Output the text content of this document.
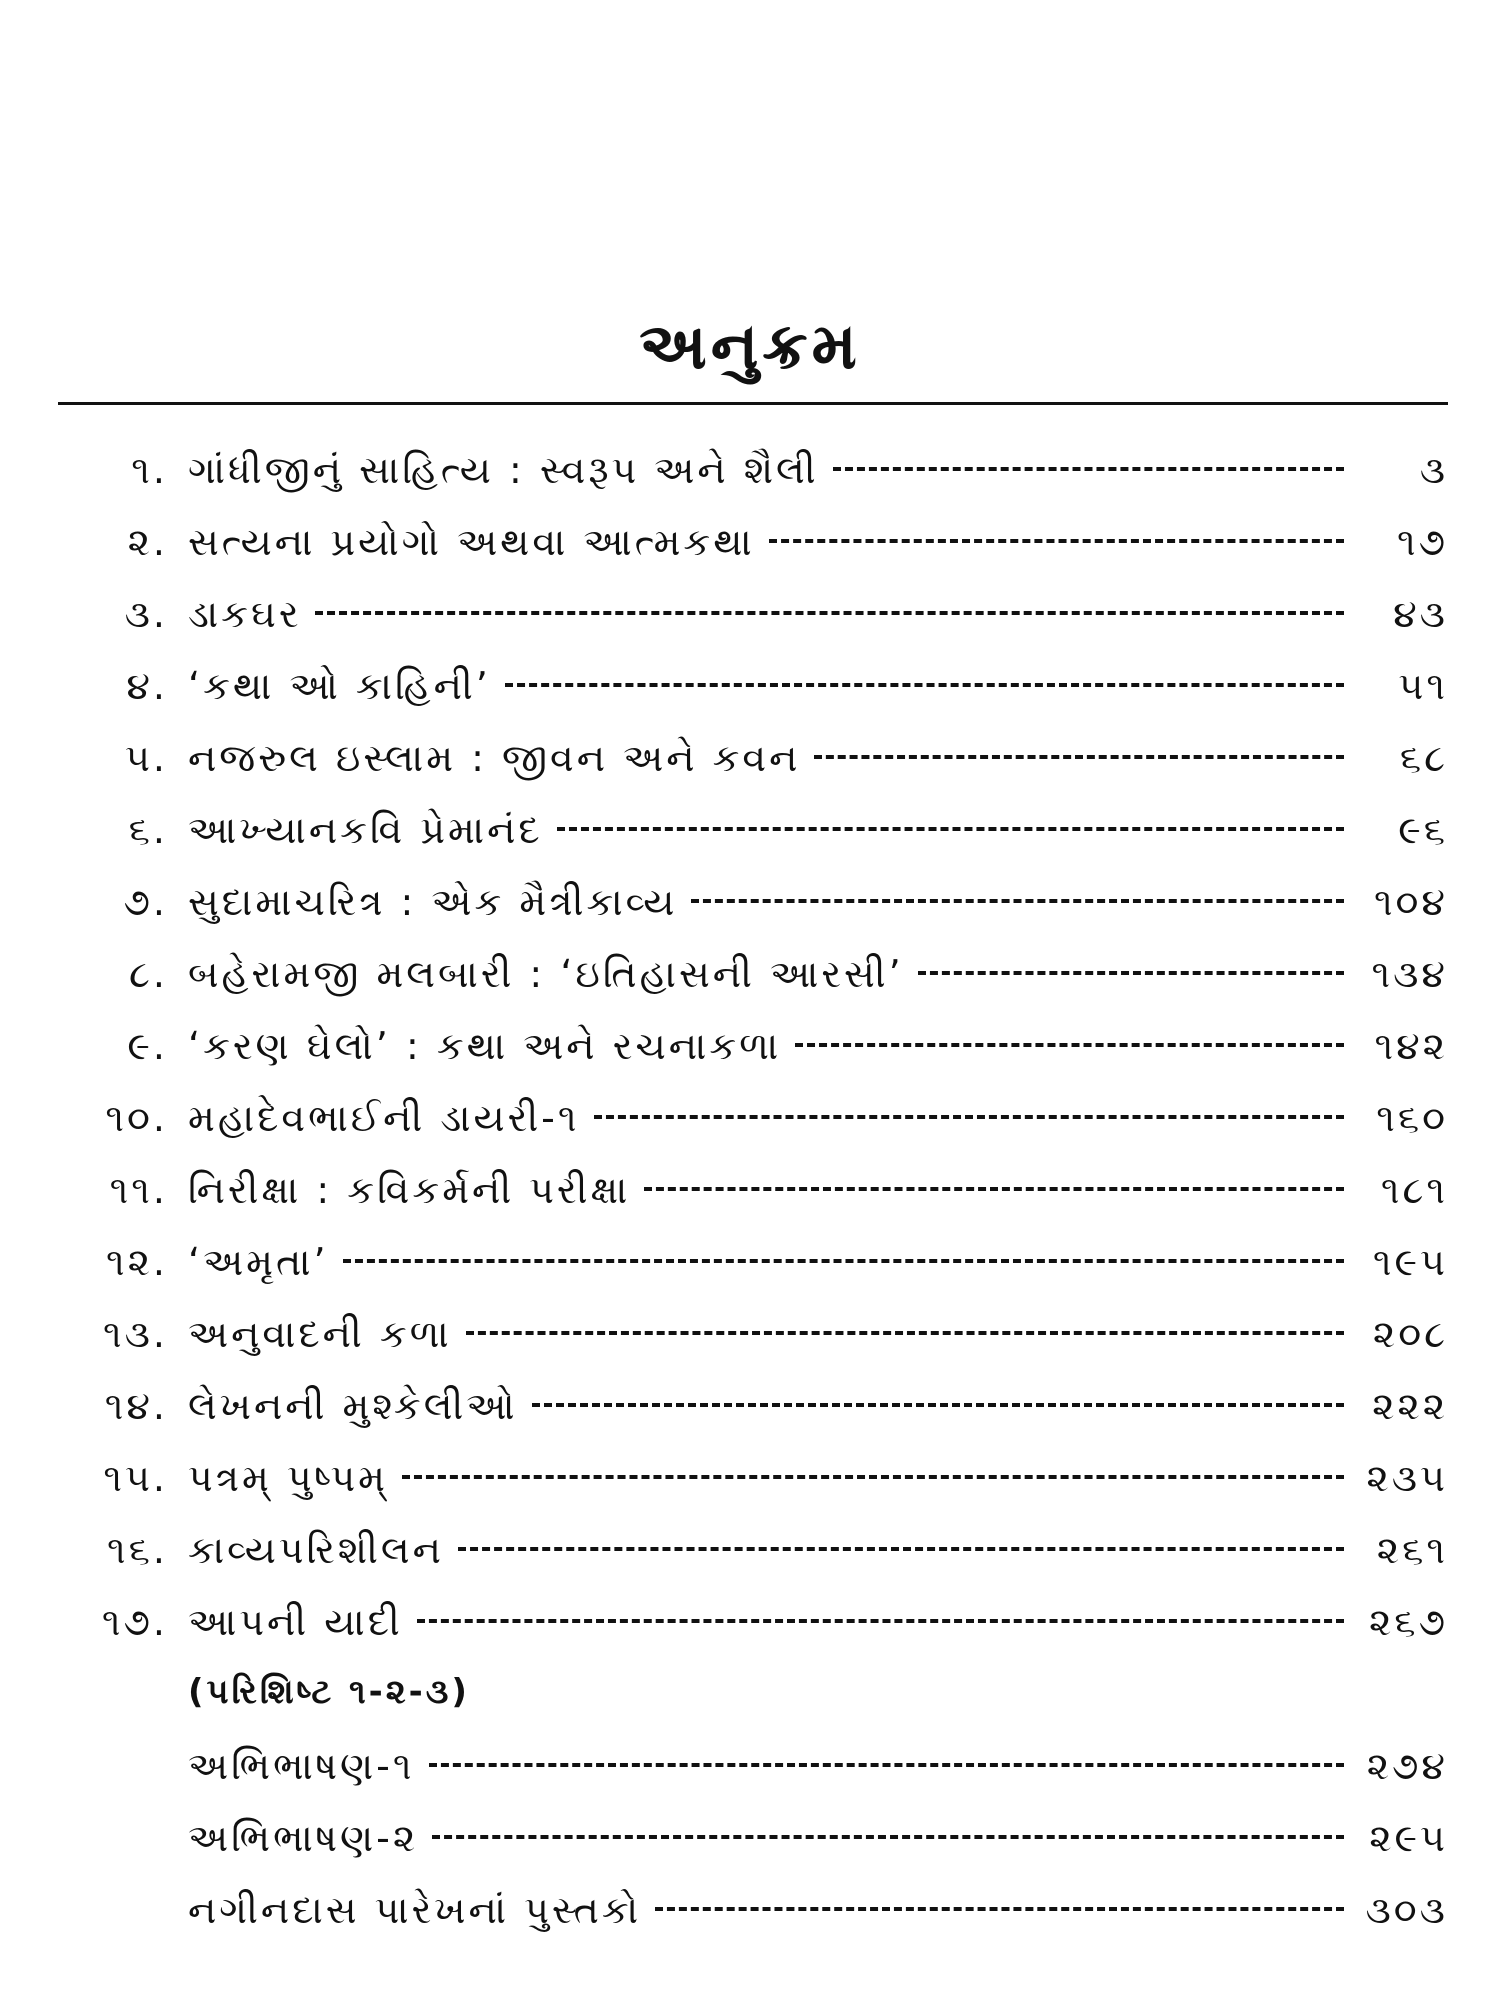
અનુક્રમ
૧. ગાંધીજીનું સાહિત્ય : સ્વરૂપ અને શૈલી	૩
૨. સત્યના પ્રયોગો અથવા આત્મકથા	૧૭
૩. ડાકઘર	૪૩
૪. ‘કથા ઓ કાહિની’	૫૧
૫. નજરુલ ઇસ્લામ : જીવન અને કવન	૬૮
૬. આખ્યાનકવિ પ્રેમાનંદ	૯૬
૭. સુદામાચરિત્ર : એક મૈત્રીકાવ્ય	૧૦૪
૮. બહેરામજી મલબારી : ‘ઇતિહાસની આરસી’	૧૩૪
૯. ‘કરણ ઘેલો’ : કથા અને રચનાકળા	૧૪૨
૧૦. મહાદેવભાઈની ડાયરી-૧	૧૬૦
૧૧. નિરીક્ષા : કવિકર્મની પરીક્ષા	૧૮૧
૧૨. ‘અમૃતા’	૧૯૫
૧૩. અનુવાદની કળા	૨૦૮
૧૪. લેખનની મુશ્કેલીઓ	૨૨૨
૧૫. પત્રમ્ પુષ્પમ્	૨૩૫
૧૬. કાવ્યપરિશીલન	૨૬૧
૧૭. આપની યાદી	૨૬૭
(પરિશિષ્ટ ૧-૨-૩)
અભિભાષણ-૧	૨૭૪
અભિભાષણ-૨	૨૯૫
નગીનદાસ પારેખનાં પુસ્તકો	૩૦૩
